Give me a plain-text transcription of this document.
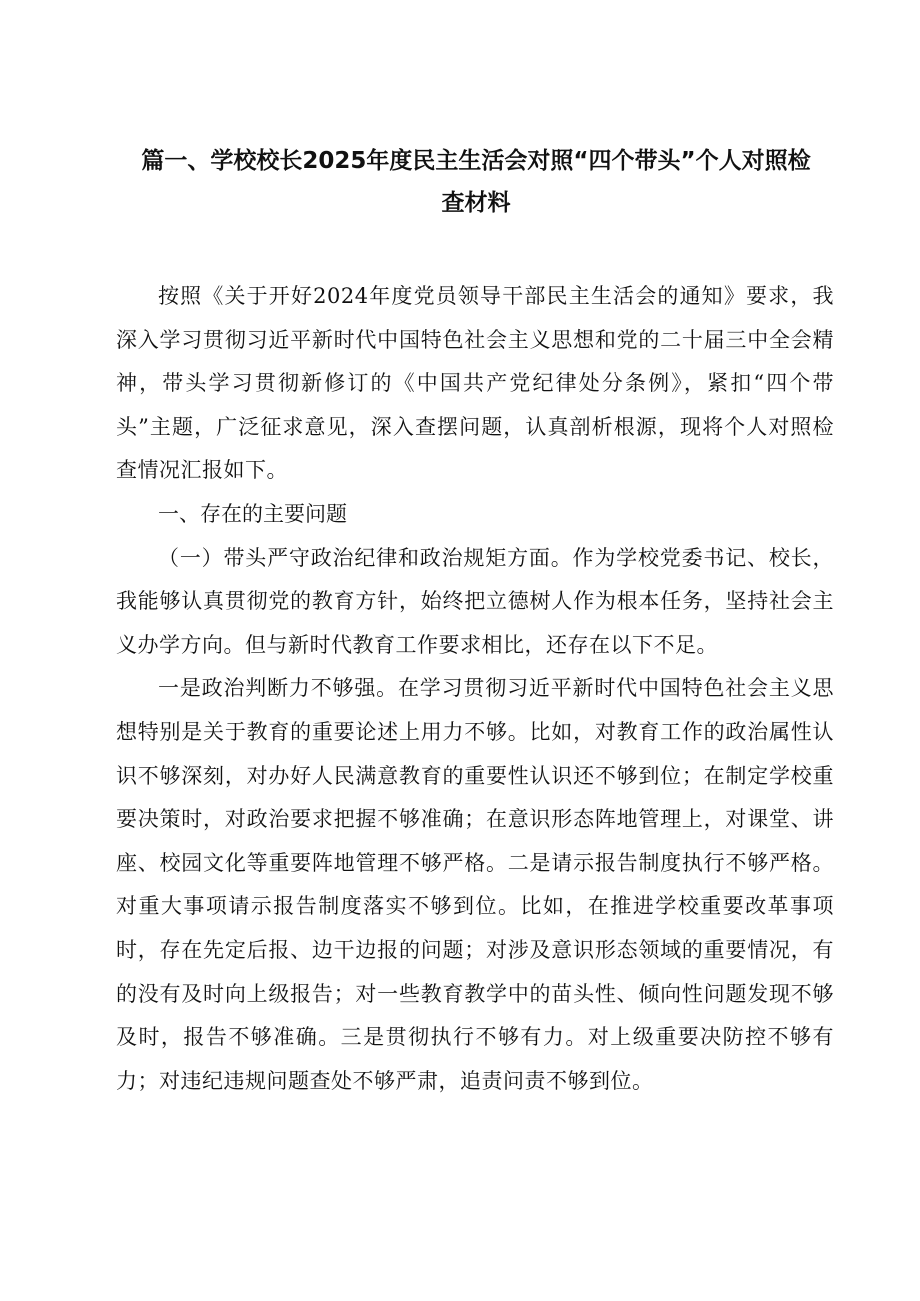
篇一、学校校长2025年度民主生活会对照“四个带头”个人对照检
查材料

按照《关于开好2024年度党员领导干部民主生活会的通知》要求，我深入学习贯彻习近平新时代中国特色社会主义思想和党的二十届三中全会精神，带头学习贯彻新修订的《中国共产党纪律处分条例》，紧扣“四个带头”主题，广泛征求意见，深入查摆问题，认真剖析根源，现将个人对照检查情况汇报如下。

一、存在的主要问题

（一）带头严守政治纪律和政治规矩方面。作为学校党委书记、校长，我能够认真贯彻党的教育方针，始终把立德树人作为根本任务，坚持社会主义办学方向。但与新时代教育工作要求相比，还存在以下不足。

一是政治判断力不够强。在学习贯彻习近平新时代中国特色社会主义思想特别是关于教育的重要论述上用力不够。比如，对教育工作的政治属性认识不够深刻，对办好人民满意教育的重要性认识还不够到位；在制定学校重要决策时，对政治要求把握不够准确；在意识形态阵地管理上，对课堂、讲座、校园文化等重要阵地管理不够严格。二是请示报告制度执行不够严格。对重大事项请示报告制度落实不够到位。比如，在推进学校重要改革事项时，存在先定后报、边干边报的问题；对涉及意识形态领域的重要情况，有的没有及时向上级报告；对一些教育教学中的苗头性、倾向性问题发现不够及时，报告不够准确。三是贯彻执行不够有力。对上级重要决防控不够有力；对违纪违规问题查处不够严肃，追责问责不够到位。
